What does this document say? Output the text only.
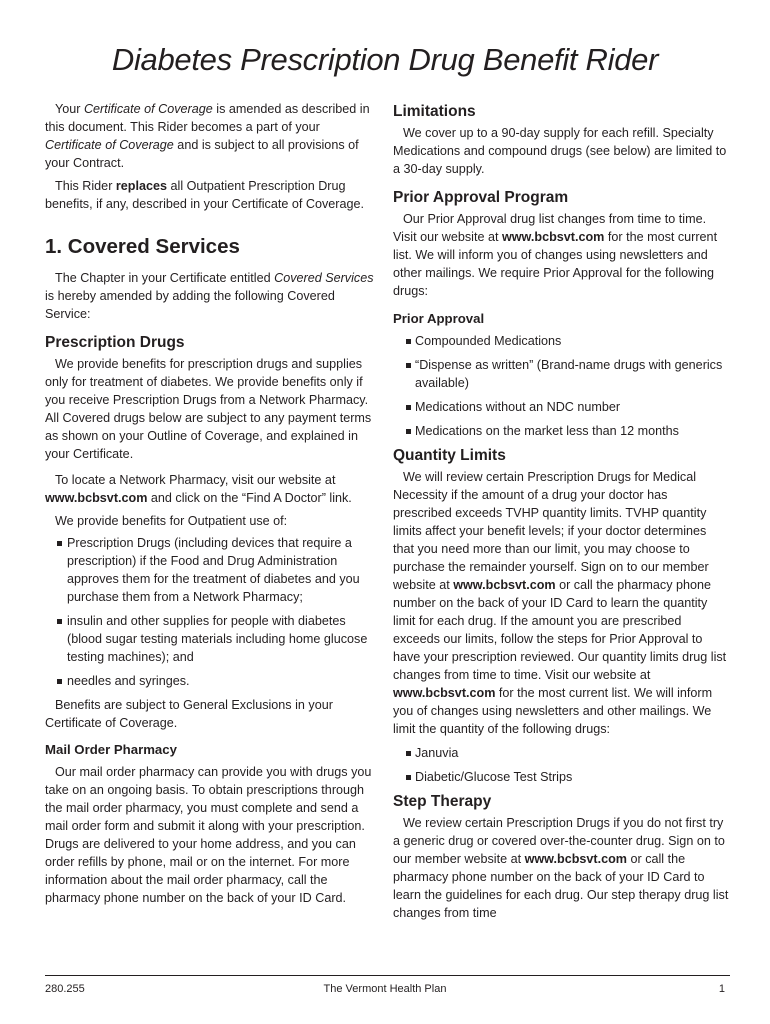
Diabetes Prescription Drug Benefit Rider

Your Certificate of Coverage is amended as described in this document. This Rider becomes a part of your Certificate of Coverage and is subject to all provisions of your Contract.

This Rider replaces all Outpatient Prescription Drug benefits, if any, described in your Certificate of Coverage.

1. Covered Services

The Chapter in your Certificate entitled Covered Services is hereby amended by adding the following Covered Service:

Prescription Drugs

We provide benefits for prescription drugs and supplies only for treatment of diabetes. We provide benefits only if you receive Prescription Drugs from a Network Pharmacy. All Covered drugs below are subject to any payment terms as shown on your Outline of Coverage, and explained in your Certificate.

To locate a Network Pharmacy, visit our website at www.bcbsvt.com and click on the “Find A Doctor” link.

We provide benefits for Outpatient use of:

Prescription Drugs (including devices that require a prescription) if the Food and Drug Administration approves them for the treatment of diabetes and you purchase them from a Network Pharmacy;
insulin and other supplies for people with diabetes (blood sugar testing materials including home glucose testing machines); and
needles and syringes.

Benefits are subject to General Exclusions in your Certificate of Coverage.

Mail Order Pharmacy

Our mail order pharmacy can provide you with drugs you take on an ongoing basis. To obtain prescriptions through the mail order pharmacy, you must complete and send a mail order form and submit it along with your prescription. Drugs are delivered to your home address, and you can order refills by phone, mail or on the internet. For more information about the mail order pharmacy, call the pharmacy phone number on the back of your ID Card.

Limitations

We cover up to a 90-day supply for each refill. Specialty Medications and compound drugs (see below) are limited to a 30-day supply.

Prior Approval Program

Our Prior Approval drug list changes from time to time. Visit our website at www.bcbsvt.com for the most current list. We will inform you of changes using newsletters and other mailings. We require Prior Approval for the following drugs:

Prior Approval
Compounded Medications
“Dispense as written” (Brand-name drugs with generics available)
Medications without an NDC number
Medications on the market less than 12 months
Quantity Limits

We will review certain Prescription Drugs for Medical Necessity if the amount of a drug your doctor has prescribed exceeds TVHP quantity limits. TVHP quantity limits affect your benefit levels; if your doctor determines that you need more than our limit, you may choose to purchase the remainder yourself. Sign on to our member website at www.bcbsvt.com or call the pharmacy phone number on the back of your ID Card to learn the quantity limit for each drug. If the amount you are prescribed exceeds our limits, follow the steps for Prior Approval to have your prescription reviewed. Our quantity limits drug list changes from time to time. Visit our website at www.bcbsvt.com for the most current list. We will inform you of changes using newsletters and other mailings. We limit the quantity of the following drugs:

Januvia
Diabetic/Glucose Test Strips
Step Therapy

We review certain Prescription Drugs if you do not first try a generic drug or covered over-the-counter drug. Sign on to our member website at www.bcbsvt.com or call the pharmacy phone number on the back of your ID Card to learn the guidelines for each drug. Our step therapy drug list changes from time

280.255	The Vermont Health Plan	1
